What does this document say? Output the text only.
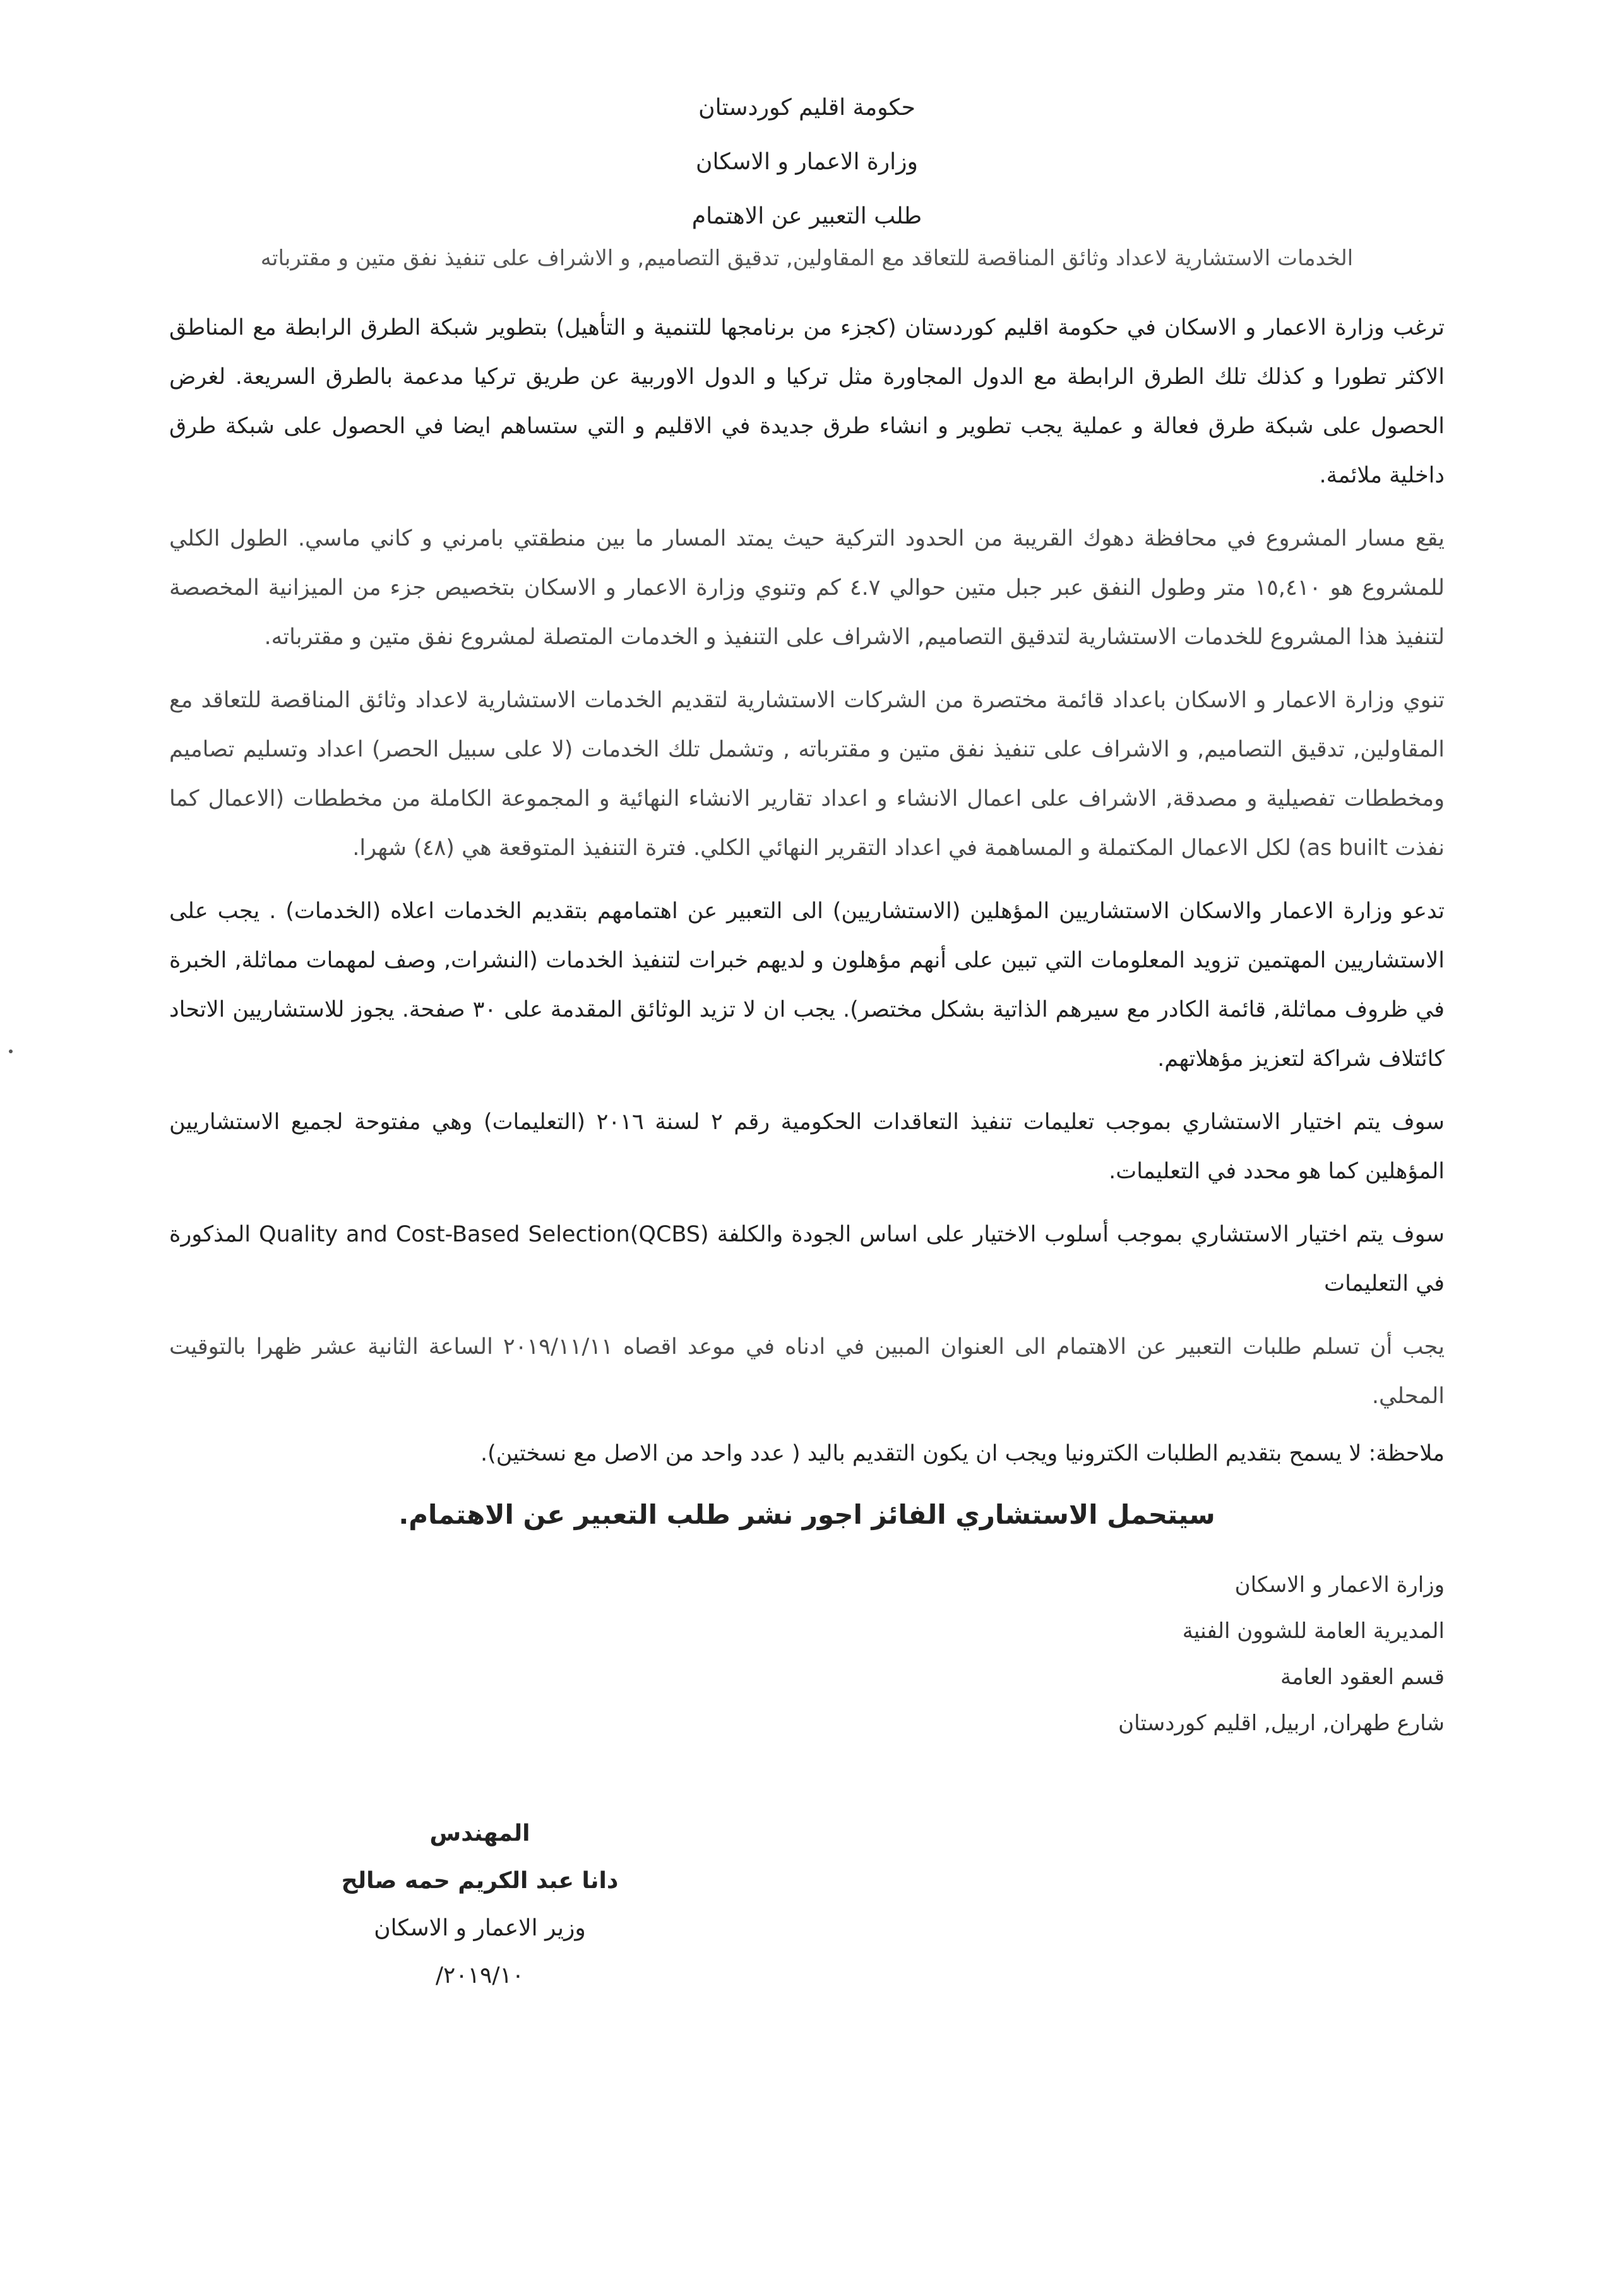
حكومة اقليم كوردستان
وزارة الاعمار و الاسكان
طلب التعبير عن الاهتمام
الخدمات الاستشارية لاعداد وثائق المناقصة للتعاقد مع المقاولين, تدقيق التصاميم, و الاشراف على تنفيذ نفق متين و مقترباته

ترغب وزارة الاعمار و الاسكان في حكومة اقليم كوردستان (كجزء من برنامجها للتنمية و التأهيل) بتطوير شبكة الطرق الرابطة مع المناطق الاكثر تطورا و كذلك تلك الطرق الرابطة مع الدول المجاورة مثل تركيا و الدول الاوربية عن طريق تركيا مدعمة بالطرق السريعة. لغرض الحصول على شبكة طرق فعالة و عملية يجب تطوير و انشاء طرق جديدة في الاقليم و التي ستساهم ايضا في الحصول على شبكة طرق داخلية ملائمة.

يقع مسار المشروع في محافظة دهوك القريبة من الحدود التركية حيث يمتد المسار ما بين منطقتي بامرني و كاني ماسي. الطول الكلي للمشروع هو ١٥,٤١٠ متر وطول النفق عبر جبل متين حوالي ٤.٧ كم وتنوي وزارة الاعمار و الاسكان بتخصيص جزء من الميزانية المخصصة لتنفيذ هذا المشروع للخدمات الاستشارية لتدقيق التصاميم, الاشراف على التنفيذ و الخدمات المتصلة لمشروع نفق متين و مقترباته.

تنوي وزارة الاعمار و الاسكان باعداد قائمة مختصرة من الشركات الاستشارية لتقديم الخدمات الاستشارية لاعداد وثائق المناقصة للتعاقد مع المقاولين, تدقيق التصاميم, و الاشراف على تنفيذ نفق متين و مقترباته , وتشمل تلك الخدمات (لا على سبيل الحصر) اعداد وتسليم تصاميم ومخططات تفصيلية و مصدقة, الاشراف على اعمال الانشاء و اعداد تقارير الانشاء النهائية و المجموعة الكاملة من مخططات (الاعمال كما نفذت as built) لكل الاعمال المكتملة و المساهمة في اعداد التقرير النهائي الكلي. فترة التنفيذ المتوقعة هي (٤٨) شهرا.

تدعو وزارة الاعمار والاسكان الاستشاريين المؤهلين (الاستشاريين) الى التعبير عن اهتمامهم بتقديم الخدمات اعلاه (الخدمات) . يجب على الاستشاريين المهتمين تزويد المعلومات التي تبين على أنهم مؤهلون و لديهم خبرات لتنفيذ الخدمات (النشرات, وصف لمهمات مماثلة, الخبرة في ظروف مماثلة, قائمة الكادر مع سيرهم الذاتية بشكل مختصر). يجب ان لا تزيد الوثائق المقدمة على ٣٠ صفحة. يجوز للاستشاريين الاتحاد كائتلاف شراكة لتعزيز مؤهلاتهم.

سوف يتم اختيار الاستشاري بموجب تعليمات تنفيذ التعاقدات الحكومية رقم ٢ لسنة ٢٠١٦ (التعليمات) وهي مفتوحة لجميع الاستشاريين المؤهلين كما هو محدد في التعليمات.

سوف يتم اختيار الاستشاري بموجب أسلوب الاختيار على اساس الجودة والكلفة Quality and Cost-Based Selection(QCBS) المذكورة في التعليمات

يجب أن تسلم طلبات التعبير عن الاهتمام الى العنوان المبين في ادناه في موعد اقصاه ٢٠١٩/١١/١١ الساعة الثانية عشر ظهرا بالتوقيت المحلي.

ملاحظة: لا يسمح بتقديم الطلبات الكترونيا ويجب ان يكون التقديم باليد ( عدد واحد من الاصل مع نسختين).

سيتحمل الاستشاري الفائز اجور نشر طلب التعبير عن الاهتمام.
وزارة الاعمار و الاسكان
المديرية العامة للشوون الفنية
قسم العقود العامة
شارع طهران, اربيل, اقليم كوردستان
المهندس
دانا عبد الكريم حمه صالح
وزير الاعمار و الاسكان
٢٠١٩/١٠/
